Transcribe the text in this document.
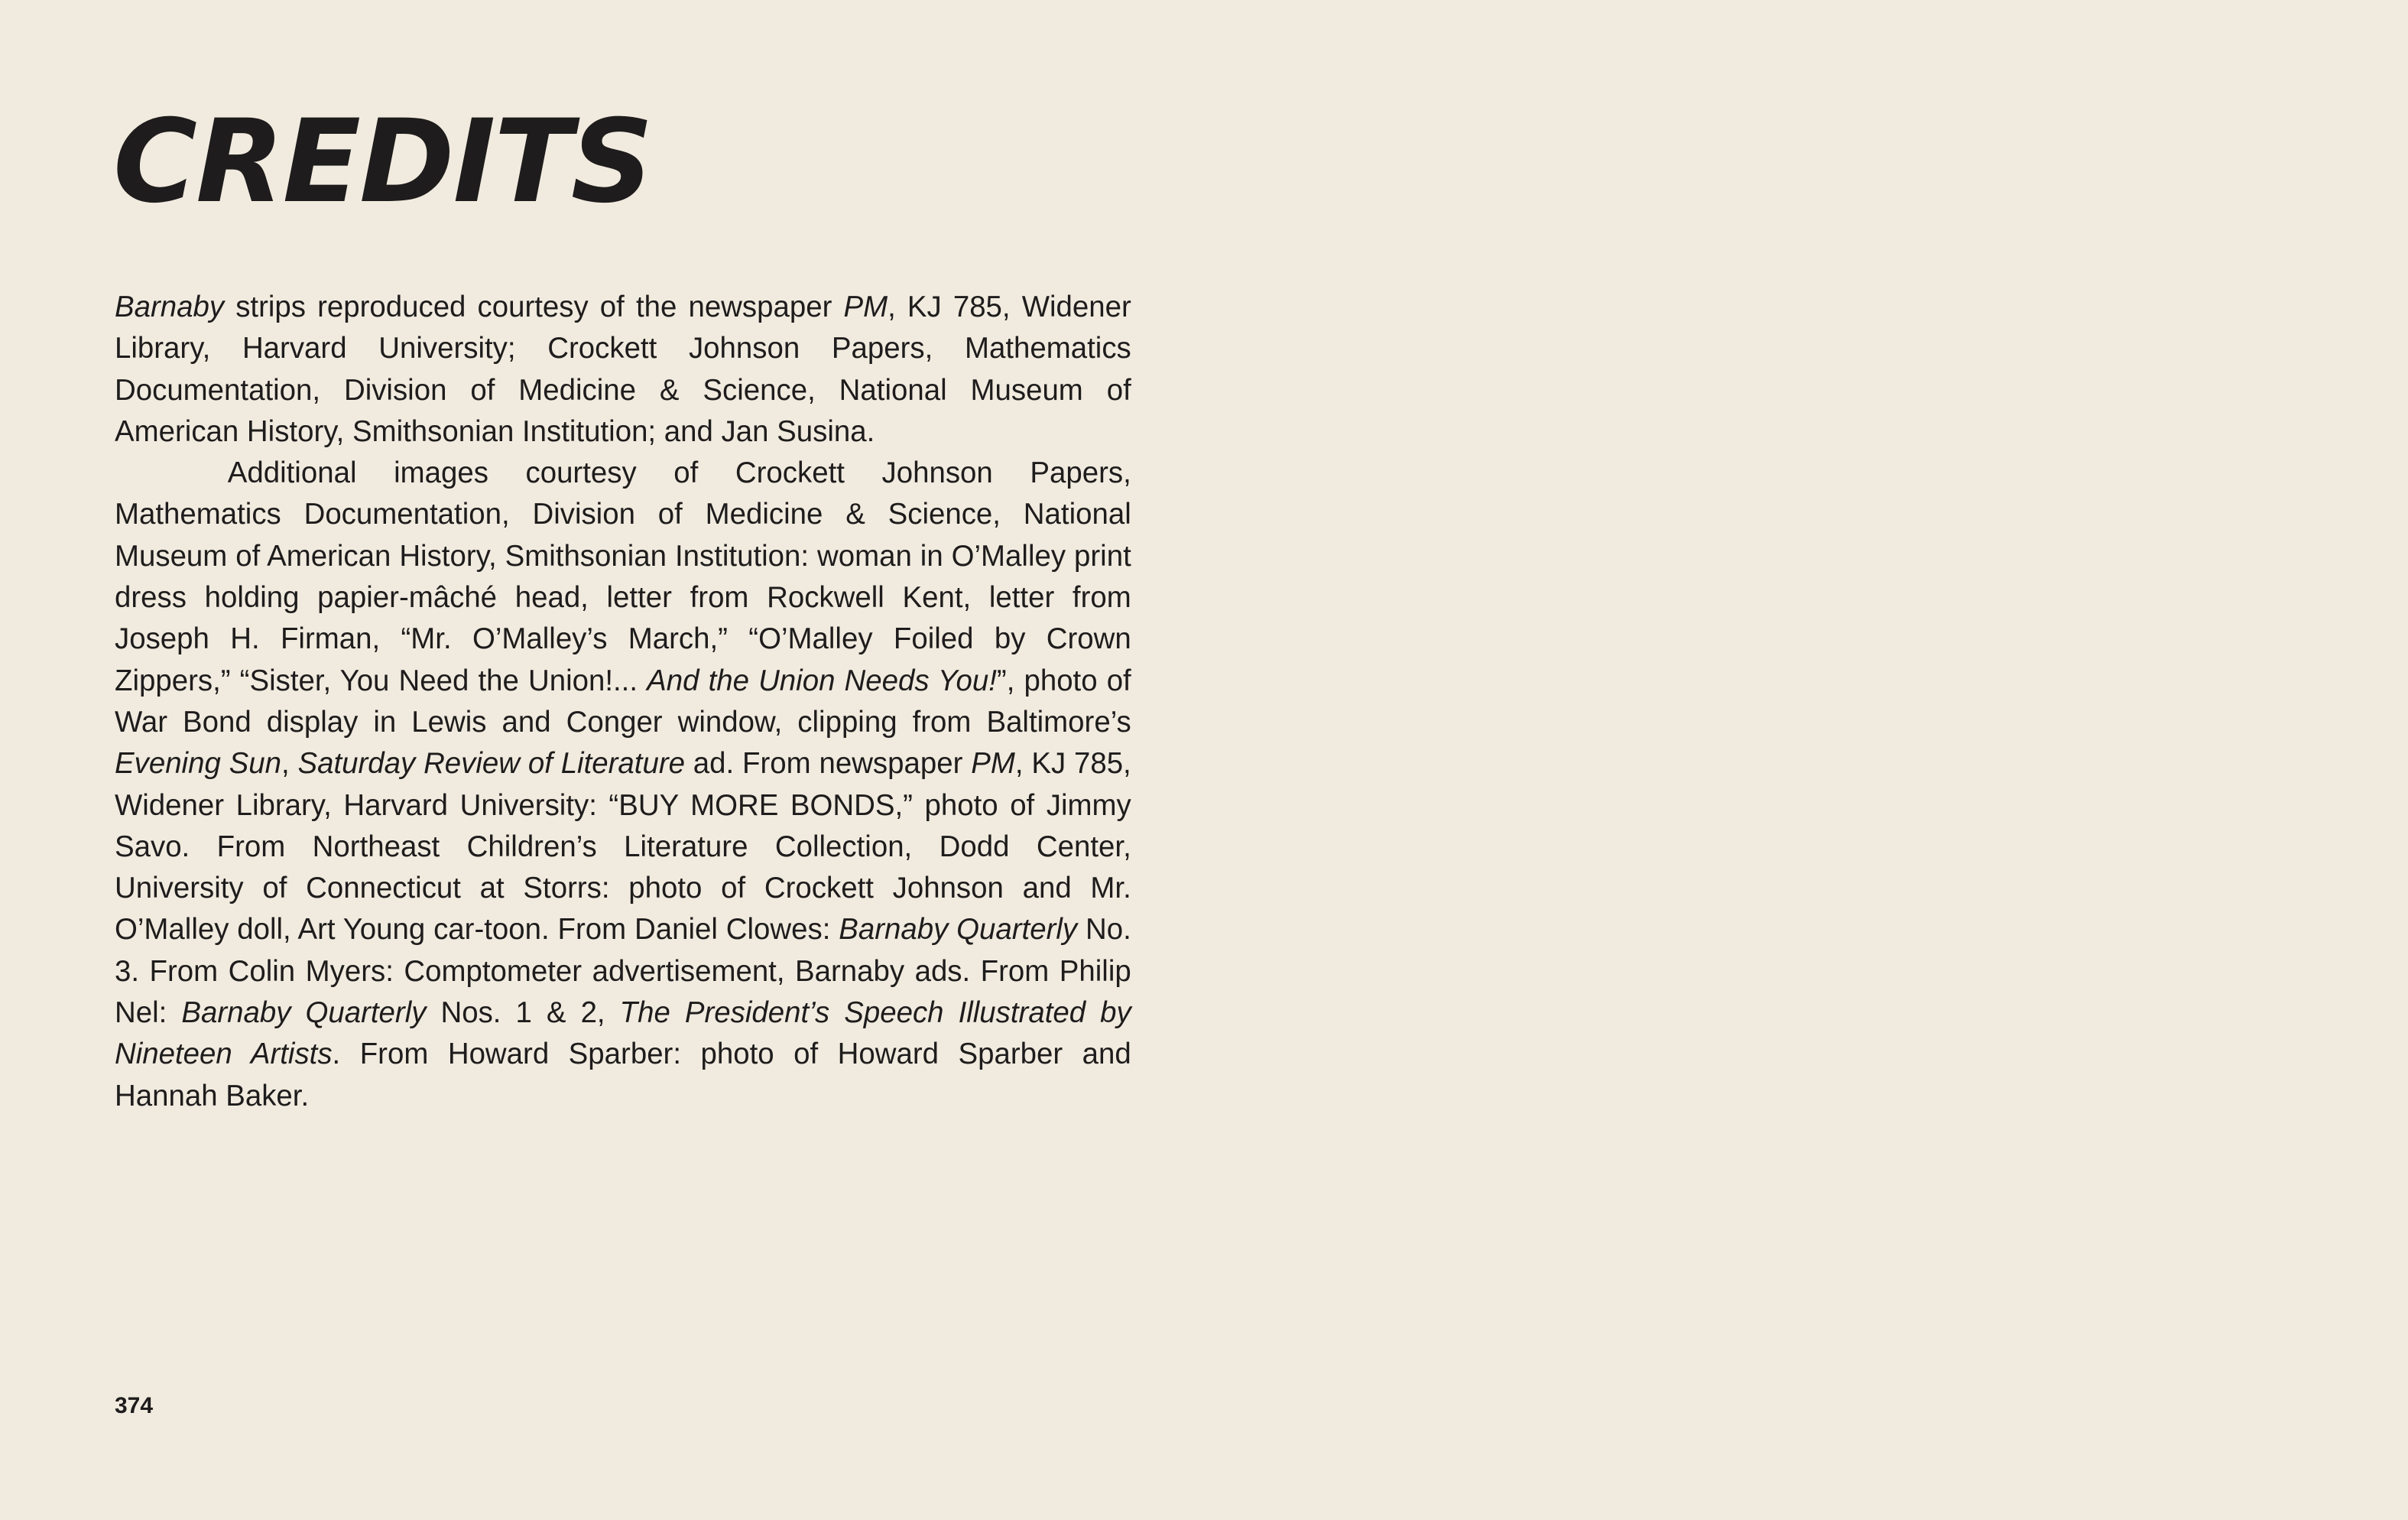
CREDITS

Barnaby strips reproduced courtesy of the newspaper PM, KJ 785, Widener Library, Harvard University; Crockett Johnson Papers, Mathematics Documentation, Division of Medicine & Science, National Museum of American History, Smithsonian Institution; and Jan Susina.

Additional images courtesy of Crockett Johnson Papers, Mathematics Documentation, Division of Medicine & Science, National Museum of American History, Smithsonian Institution: woman in O’Malley print dress holding papier-mâché head, letter from Rockwell Kent, letter from Joseph H. Firman, “Mr. O’Malley’s March,” “O’Malley Foiled by Crown Zippers,” “Sister, You Need the Union!... And the Union Needs You!”, photo of War Bond display in Lewis and Conger window, clipping from Baltimore’s Evening Sun, Saturday Review of Literature ad. From newspaper PM, KJ 785, Widener Library, Harvard University: “BUY MORE BONDS,” photo of Jimmy Savo. From Northeast Children’s Literature Collection, Dodd Center, University of Connecticut at Storrs: photo of Crockett Johnson and Mr. O’Malley doll, Art Young car-toon. From Daniel Clowes: Barnaby Quarterly No. 3. From Colin Myers: Comptometer advertisement, Barnaby ads. From Philip Nel: Barnaby Quarterly Nos. 1 & 2, The President’s Speech Illustrated by Nineteen Artists. From Howard Sparber: photo of Howard Sparber and Hannah Baker.

374
